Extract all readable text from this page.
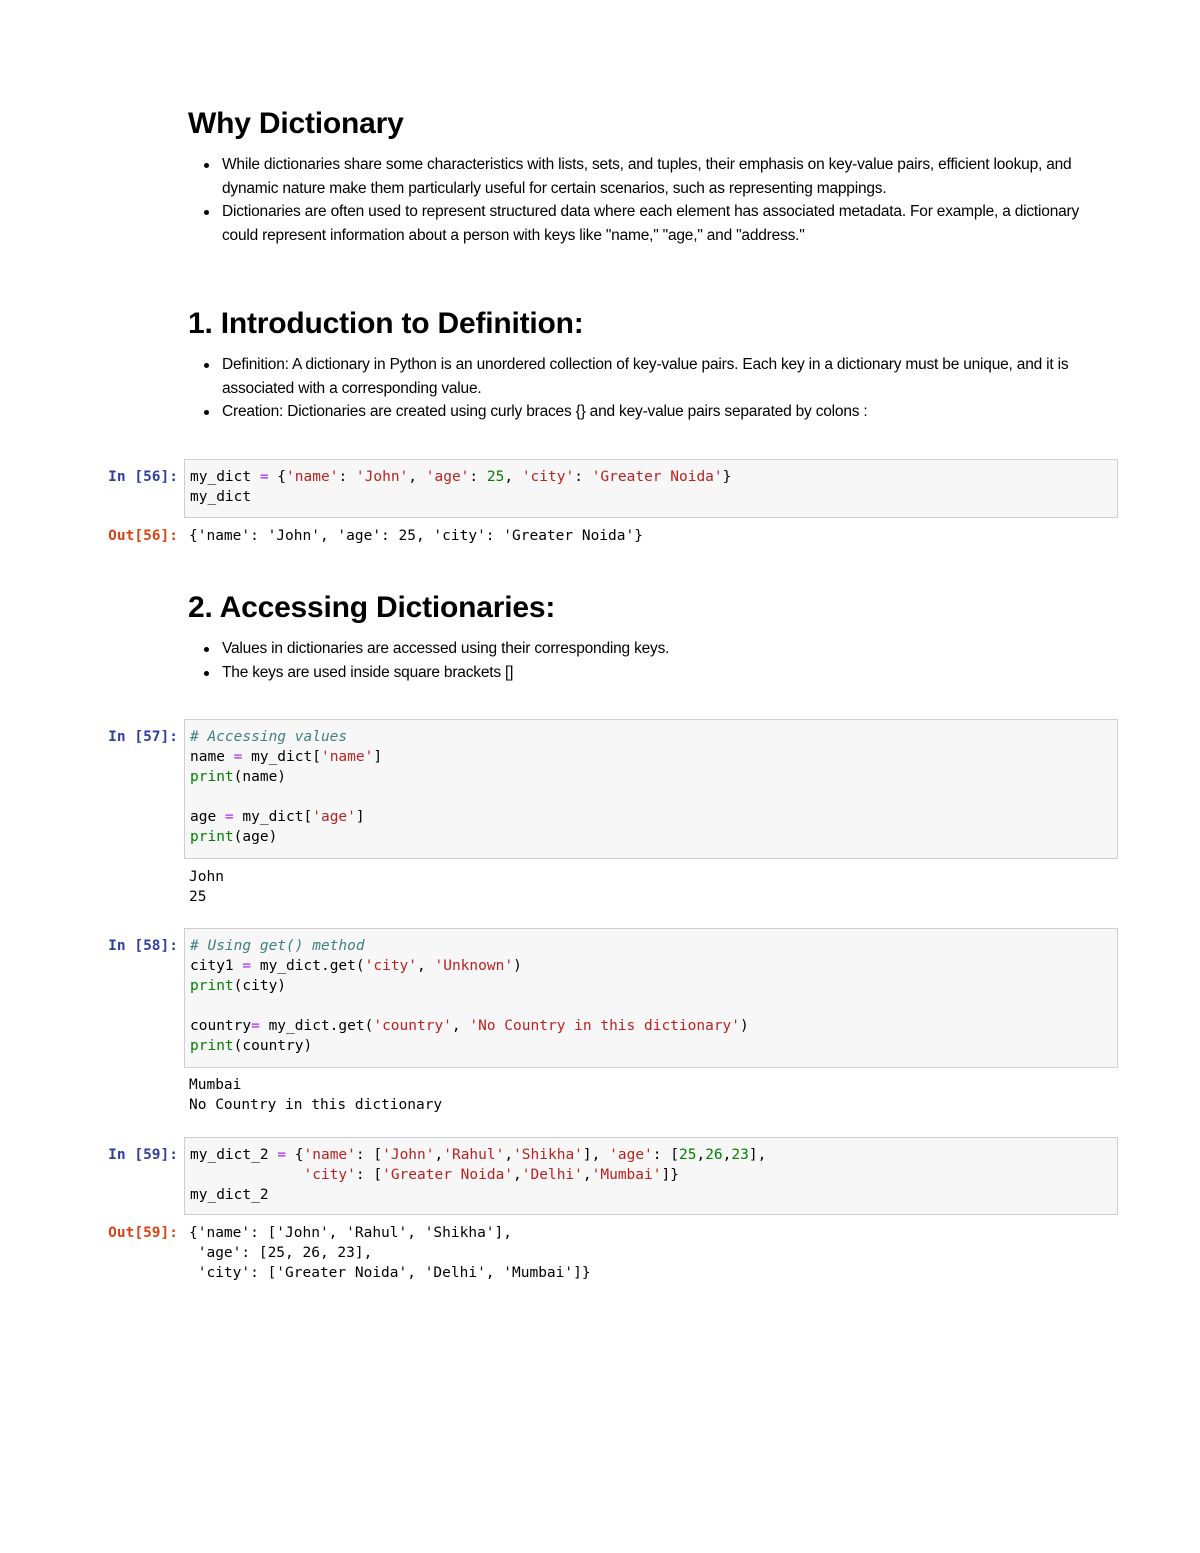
Why Dictionary
While dictionaries share some characteristics with lists, sets, and tuples, their emphasis on key-value pairs, efficient lookup, and dynamic nature make them particularly useful for certain scenarios, such as representing mappings.
Dictionaries are often used to represent structured data where each element has associated metadata. For example, a dictionary could represent information about a person with keys like "name," "age," and "address."
1. Introduction to Definition:
Definition: A dictionary in Python is an unordered collection of key-value pairs. Each key in a dictionary must be unique, and it is associated with a corresponding value.
Creation: Dictionaries are created using curly braces {} and key-value pairs separated by colons :
In [56]: my_dict = {'name': 'John', 'age': 25, 'city': 'Greater Noida'}
my_dict
Out[56]: {'name': 'John', 'age': 25, 'city': 'Greater Noida'}
2. Accessing Dictionaries:
Values in dictionaries are accessed using their corresponding keys.
The keys are used inside square brackets []
In [57]: # Accessing values
name = my_dict['name']
print(name)

age = my_dict['age']
print(age)
John
25
In [58]: # Using get() method
city1 = my_dict.get('city', 'Unknown')
print(city)

country= my_dict.get('country', 'No Country in this dictionary')
print(country)
Mumbai
No Country in this dictionary
In [59]: my_dict_2 = {'name': ['John','Rahul','Shikha'], 'age': [25,26,23],
'city': ['Greater Noida','Delhi','Mumbai']}
my_dict_2
Out[59]: {'name': ['John', 'Rahul', 'Shikha'],
'age': [25, 26, 23],
'city': ['Greater Noida', 'Delhi', 'Mumbai']}
